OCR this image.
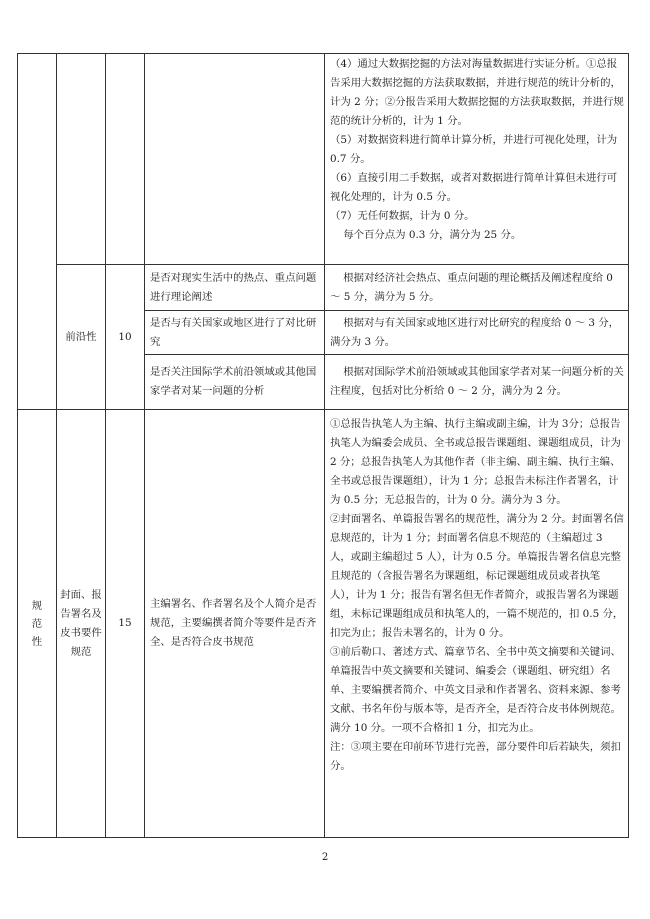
（4）通过大数据挖掘的方法对海量数据进行实证分析。①总报告采用大数据挖掘的方法获取数据，并进行规范的统计分析的，计为 2 分；②分报告采用大数据挖掘的方法获取数据，并进行规范的统计分析的，计为 1 分。
（5）对数据资料进行简单计算分析，并进行可视化处理，计为 0.7 分。
（6）直接引用二手数据，或者对数据进行简单计算但未进行可视化处理的，计为 0.5 分。
（7）无任何数据，计为 0 分。
每个百分点为 0.3 分，满分为 25 分。

前沿性 10
是否对现实生活中的热点、重点问题进行理论阐述

根据对经济社会热点、重点问题的理论概括及阐述程度给 0 ～ 5 分，满分为 5 分。

是否与有关国家或地区进行了对比研究

根据对与有关国家或地区进行对比研究的程度给 0 ～ 3 分，满分为 3 分。

是否关注国际学术前沿领域或其他国家学者对某一问题的分析

根据对国际学术前沿领域或其他国家学者对某一问题分析的关注程度，包括对比分析给 0 ～ 2 分，满分为 2 分。

规范性
封面、报告署名及皮书要件规范
15
主编署名、作者署名及个人简介是否规范，主要编撰者简介等要件是否齐全、是否符合皮书规范

①总报告执笔人为主编、执行主编或副主编，计为 3分；总报告执笔人为编委会成员、全书或总报告课题组、课题组成员，计为 2 分；总报告执笔人为其他作者（非主编、副主编、执行主编、全书或总报告课题组），计为 1 分；总报告未标注作者署名，计为 0.5 分；无总报告的，计为 0 分。满分为 3 分。
②封面署名、单篇报告署名的规范性，满分为 2 分。封面署名信息规范的，计为 1 分；封面署名信息不规范的（主编超过 3 人，或副主编超过 5 人），计为 0.5 分。单篇报告署名信息完整且规范的（含报告署名为课题组，标记课题组成员或者执笔人），计为 1 分；报告有署名但无作者简介，或报告署名为课题组，未标记课题组成员和执笔人的，一篇不规范的，扣 0.5 分，扣完为止；报告未署名的，计为 0 分。
③前后勒口、著述方式、篇章节名、全书中英文摘要和关键词、单篇报告中英文摘要和关键词、编委会（课题组、研究组）名单、主要编撰者简介、中英文目录和作者署名、资料来源、参考文献、书名年份与版本等，是否齐全，是否符合皮书体例规范。满分 10 分。一项不合格扣 1 分，扣完为止。
注：③项主要在印前环节进行完善，部分要件印后若缺失，须扣分。

2
